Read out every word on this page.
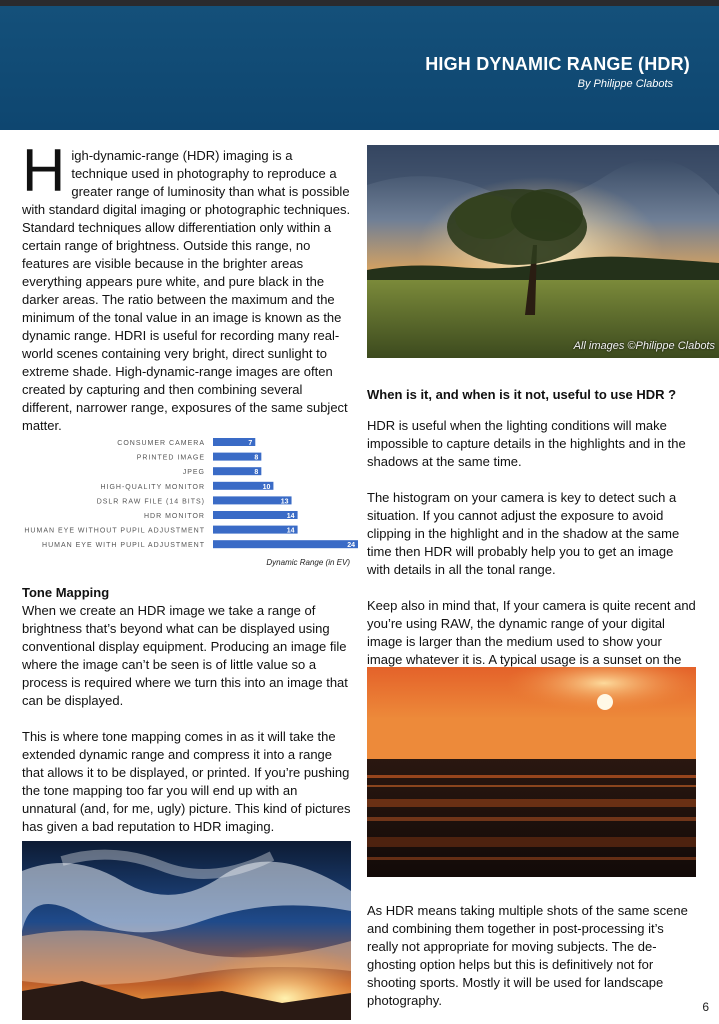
HIGH DYNAMIC RANGE (HDR)
By Philippe Clabots
H igh-dynamic-range (HDR) imaging is a technique used in photography to reproduce a greater range of luminosity than what is possible with standard digital imaging or photographic techniques. Standard techniques allow differentiation only within a certain range of brightness. Outside this range, no features are visible because in the brighter areas everything appears pure white, and pure black in the darker areas. The ratio between the maximum and the minimum of the tonal value in an image is known as the dynamic range. HDRI is useful for recording many real-world scenes containing very bright, direct sunlight to extreme shade. High-dynamic-range images are often created by capturing and then combining several different, narrower range, exposures of the same subject matter.

CONSUMER CAMERA	7
PRINTED IMAGE	8
JPEG	8
HIGH-QUALITY MONITOR	10
DSLR RAW FILE (14 BITS)	13
HDR MONITOR	14
HUMAN EYE WITHOUT PUPIL ADJUSTMENT	14
HUMAN EYE WITH PUPIL ADJUSTMENT	24
Dynamic Range (in EV)

Tone Mapping

When we create an HDR image we take a range of brightness that’s beyond what can be displayed using conventional display equipment. Producing an image file where the image can’t be seen is of little value so a process is required where we turn this into an image that can be displayed.

This is where tone mapping comes in as it will take the extended dynamic range and compress it into a range that allows it to be displayed, or printed. If you’re pushing the tone mapping too far you will end up with an unnatural (and, for me, ugly) picture. This kind of pictures has given a bad reputation to HDR imaging.

All images ©Philippe Clabots

When is it, and when is it not, useful to use HDR ?

HDR is useful when the lighting conditions will make impossible to capture details in the highlights and in the shadows at the same time.

The histogram on your camera is key to detect such a situation. If you cannot adjust the exposure to avoid clipping in the highlight and in the shadow at the same time then HDR will probably help you to get an image with details in all the tonal range.

Keep also in mind that, If your camera is quite recent and you’re using RAW, the dynamic range of your digital image is larger than the medium used to show your image whatever it is. A typical usage is a sunset on the

As HDR means taking multiple shots of the same scene and combining them together in post-processing it’s really not appropriate for moving subjects. The de-ghosting option helps but this is definitively not for shooting sports. Mostly it will be used for landscape photography.	6
